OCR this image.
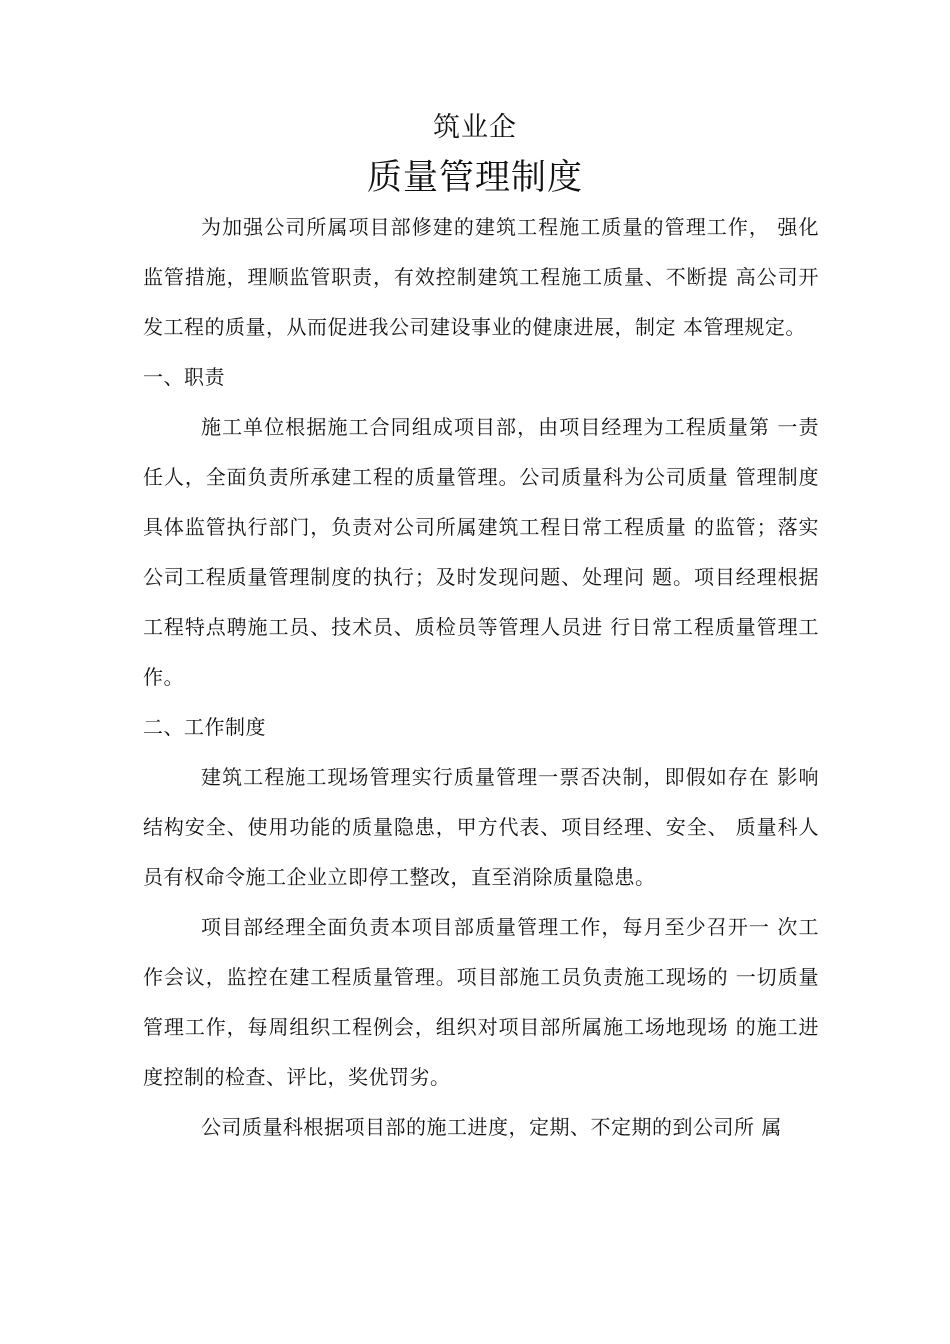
筑业企
质量管理制度

为加强公司所属项目部修建的建筑工程施工质量的管理工作， 强化监管措施，理顺监管职责，有效控制建筑工程施工质量、不断提 高公司开发工程的质量，从而促进我公司建设事业的健康进展，制定 本管理规定。

一、职责

施工单位根据施工合同组成项目部，由项目经理为工程质量第 一责任人，全面负责所承建工程的质量管理。公司质量科为公司质量 管理制度具体监管执行部门，负责对公司所属建筑工程日常工程质量 的监管；落实公司工程质量管理制度的执行；及时发现问题、处理问 题。项目经理根据工程特点聘施工员、技术员、质检员等管理人员进 行日常工程质量管理工作。

二、工作制度

建筑工程施工现场管理实行质量管理一票否决制，即假如存在 影响结构安全、使用功能的质量隐患，甲方代表、项目经理、安全、 质量科人员有权命令施工企业立即停工整改，直至消除质量隐患。

项目部经理全面负责本项目部质量管理工作，每月至少召开一 次工作会议，监控在建工程质量管理。项目部施工员负责施工现场的 一切质量管理工作，每周组织工程例会，组织对项目部所属施工场地现场 的施工进度控制的检查、评比，奖优罚劣。

公司质量科根据项目部的施工进度，定期、不定期的到公司所 属
